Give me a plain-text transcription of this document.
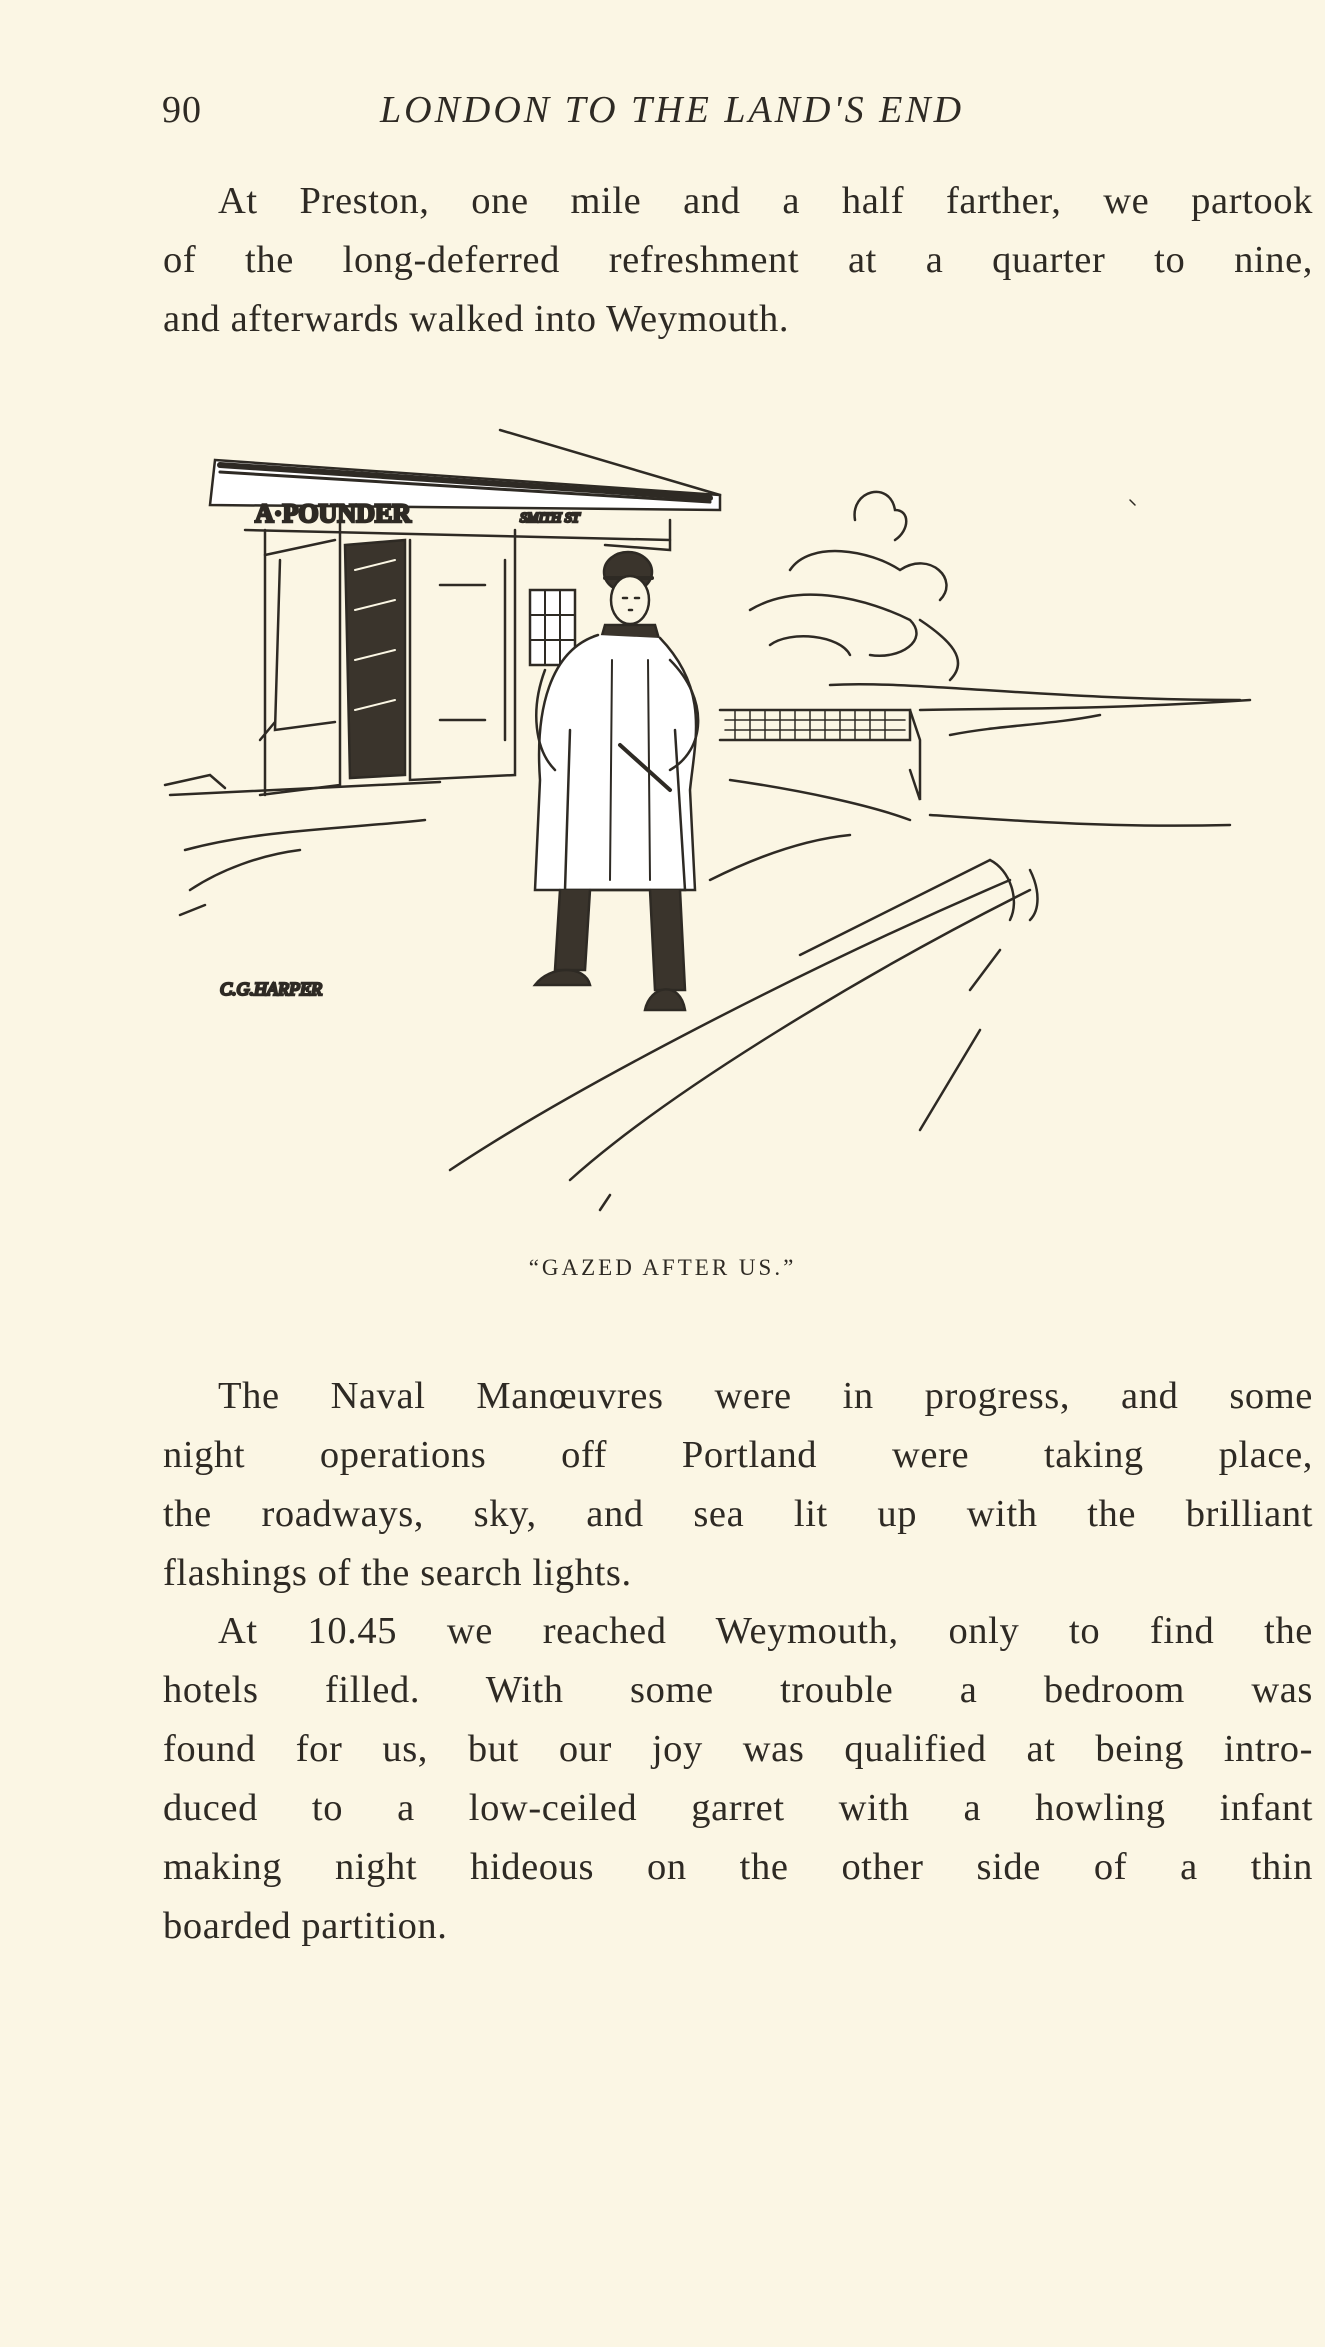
90	LONDON TO THE LAND'S END

At Preston, one mile and a half farther, we partook
of the long-deferred refreshment at a quarter to nine,
and afterwards walked into Weymouth.

A·POUNDER	SMITH ST
C.G.HARPER
“GAZED AFTER US.”

The Naval Manœuvres were in progress, and some
night operations off Portland were taking place,
the roadways, sky, and sea lit up with the brilliant
flashings of the search lights.

At 10.45 we reached Weymouth, only to find the
hotels filled. With some trouble a bedroom was
found for us, but our joy was qualified at being intro-
duced to a low-ceiled garret with a howling infant
making night hideous on the other side of a thin
boarded partition.
